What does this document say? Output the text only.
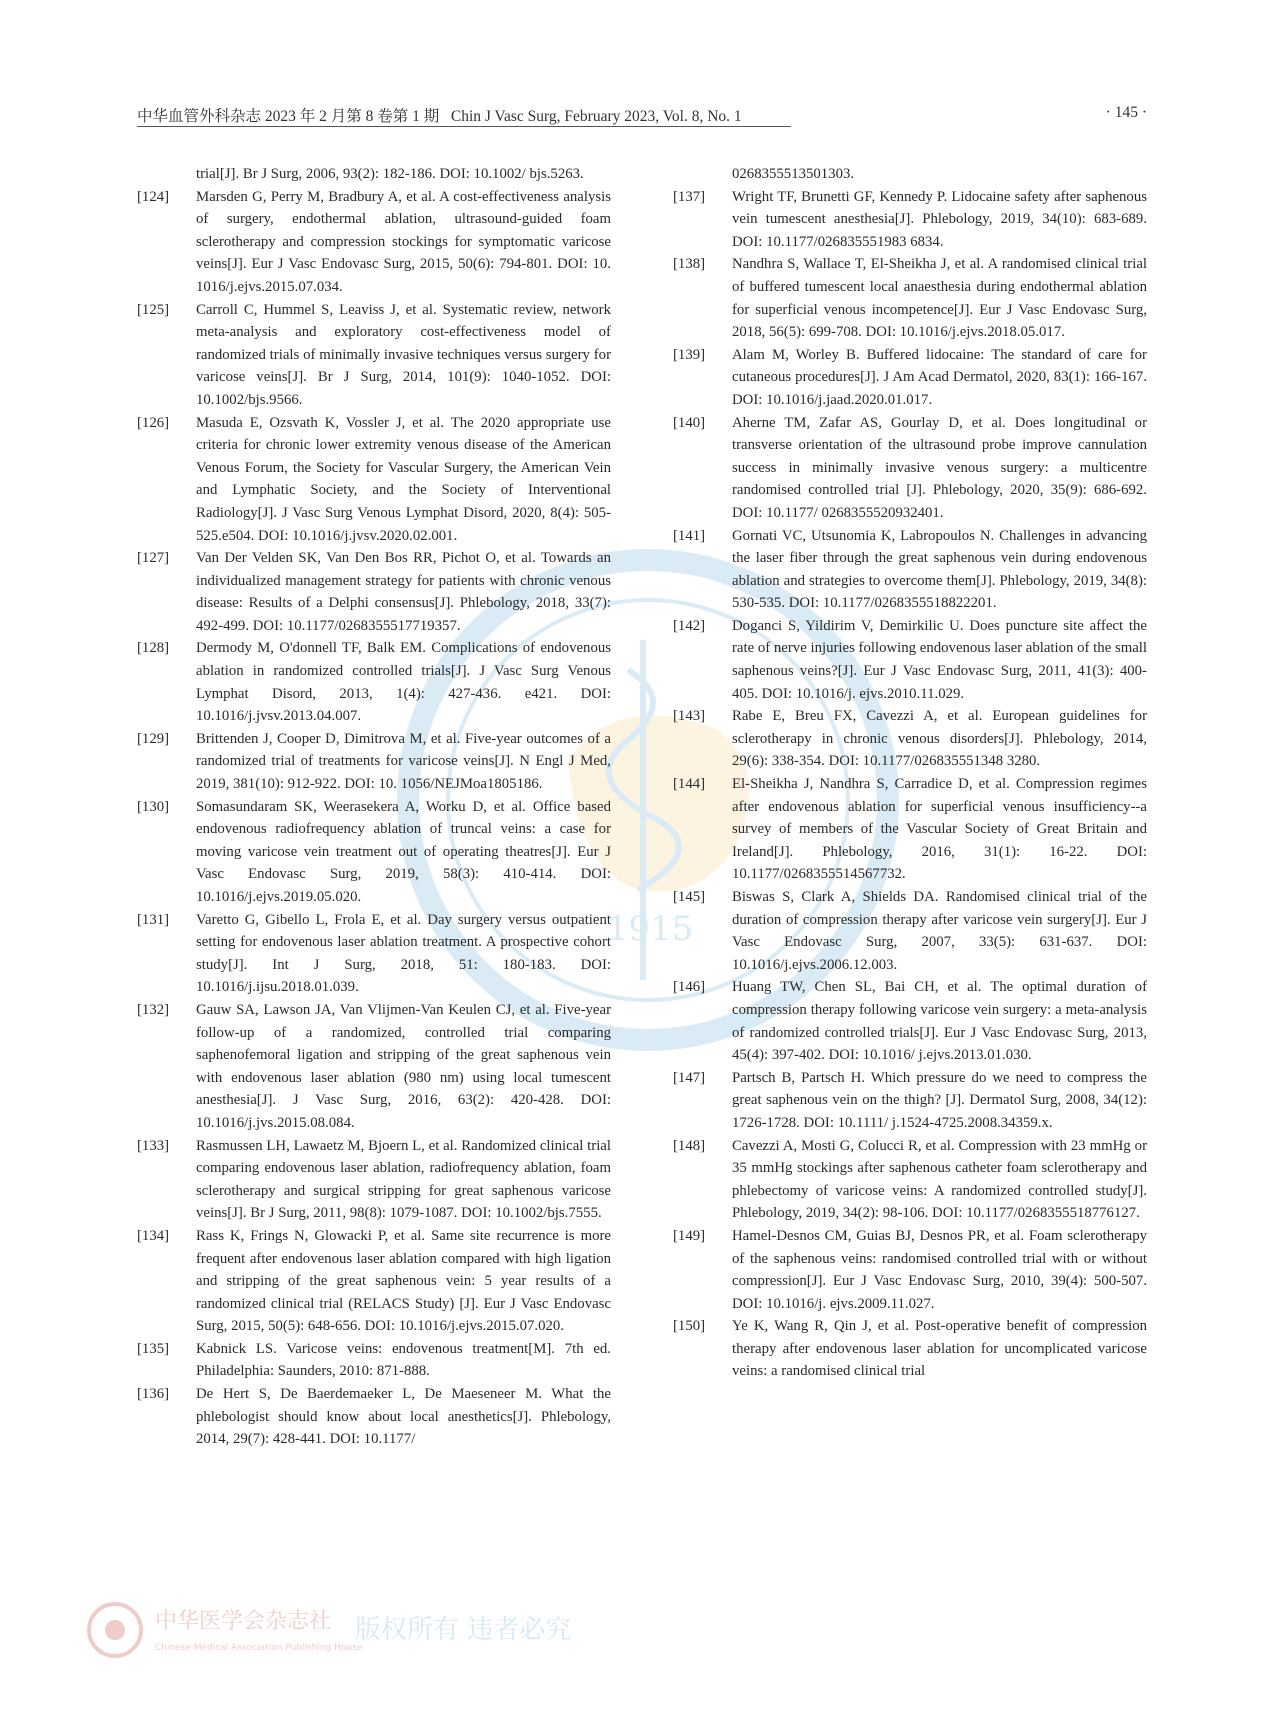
中华血管外科杂志 2023 年 2 月第 8 卷第 1 期 Chin J Vasc Surg, February 2023, Vol. 8, No. 1	· 145 ·
1915
trial[J]. Br J Surg, 2006, 93(2): 182-186. DOI: 10.1002/ bjs.5263.
[124] Marsden G, Perry M, Bradbury A, et al. A cost-effectiveness analysis of surgery, endothermal ablation, ultrasound-guided foam sclerotherapy and compression stockings for symptomatic varicose veins[J]. Eur J Vasc Endovasc Surg, 2015, 50(6): 794-801. DOI: 10. 1016/j.ejvs.2015.07.034.
[125] Carroll C, Hummel S, Leaviss J, et al. Systematic review, network meta-analysis and exploratory cost-effectiveness model of randomized trials of minimally invasive techniques versus surgery for varicose veins[J]. Br J Surg, 2014, 101(9): 1040-1052. DOI: 10.1002/bjs.9566.
[126] Masuda E, Ozsvath K, Vossler J, et al. The 2020 appropriate use criteria for chronic lower extremity venous disease of the American Venous Forum, the Society for Vascular Surgery, the American Vein and Lymphatic Society, and the Society of Interventional Radiology[J]. J Vasc Surg Venous Lymphat Disord, 2020, 8(4): 505-525.e504. DOI: 10.1016/j.jvsv.2020.02.001.
[127] Van Der Velden SK, Van Den Bos RR, Pichot O, et al. Towards an individualized management strategy for patients with chronic venous disease: Results of a Delphi consensus[J]. Phlebology, 2018, 33(7): 492-499. DOI: 10.1177/0268355517719357.
[128] Dermody M, O'donnell TF, Balk EM. Complications of endovenous ablation in randomized controlled trials[J]. J Vasc Surg Venous Lymphat Disord, 2013, 1(4): 427-436. e421. DOI: 10.1016/j.jvsv.2013.04.007.
[129] Brittenden J, Cooper D, Dimitrova M, et al. Five-year outcomes of a randomized trial of treatments for varicose veins[J]. N Engl J Med, 2019, 381(10): 912-922. DOI: 10. 1056/NEJMoa1805186.
[130] Somasundaram SK, Weerasekera A, Worku D, et al. Office based endovenous radiofrequency ablation of truncal veins: a case for moving varicose vein treatment out of operating theatres[J]. Eur J Vasc Endovasc Surg, 2019, 58(3): 410-414. DOI: 10.1016/j.ejvs.2019.05.020.
[131] Varetto G, Gibello L, Frola E, et al. Day surgery versus outpatient setting for endovenous laser ablation treatment. A prospective cohort study[J]. Int J Surg, 2018, 51: 180-183. DOI: 10.1016/j.ijsu.2018.01.039.
[132] Gauw SA, Lawson JA, Van Vlijmen-Van Keulen CJ, et al. Five-year follow-up of a randomized, controlled trial comparing saphenofemoral ligation and stripping of the great saphenous vein with endovenous laser ablation (980 nm) using local tumescent anesthesia[J]. J Vasc Surg, 2016, 63(2): 420-428. DOI: 10.1016/j.jvs.2015.08.084.
[133] Rasmussen LH, Lawaetz M, Bjoern L, et al. Randomized clinical trial comparing endovenous laser ablation, radiofrequency ablation, foam sclerotherapy and surgical stripping for great saphenous varicose veins[J]. Br J Surg, 2011, 98(8): 1079-1087. DOI: 10.1002/bjs.7555.
[134] Rass K, Frings N, Glowacki P, et al. Same site recurrence is more frequent after endovenous laser ablation compared with high ligation and stripping of the great saphenous vein: 5 year results of a randomized clinical trial (RELACS Study) [J]. Eur J Vasc Endovasc Surg, 2015, 50(5): 648-656. DOI: 10.1016/j.ejvs.2015.07.020.
[135] Kabnick LS. Varicose veins: endovenous treatment[M]. 7th ed. Philadelphia: Saunders, 2010: 871-888.
[136] De Hert S, De Baerdemaeker L, De Maeseneer M. What the phlebologist should know about local anesthetics[J]. Phlebology, 2014, 29(7): 428-441. DOI: 10.1177/
0268355513501303.
[137] Wright TF, Brunetti GF, Kennedy P. Lidocaine safety after saphenous vein tumescent anesthesia[J]. Phlebology, 2019, 34(10): 683-689. DOI: 10.1177/026835551983 6834.
[138] Nandhra S, Wallace T, El-Sheikha J, et al. A randomised clinical trial of buffered tumescent local anaesthesia during endothermal ablation for superficial venous incompetence[J]. Eur J Vasc Endovasc Surg, 2018, 56(5): 699-708. DOI: 10.1016/j.ejvs.2018.05.017.
[139] Alam M, Worley B. Buffered lidocaine: The standard of care for cutaneous procedures[J]. J Am Acad Dermatol, 2020, 83(1): 166-167. DOI: 10.1016/j.jaad.2020.01.017.
[140] Aherne TM, Zafar AS, Gourlay D, et al. Does longitudinal or transverse orientation of the ultrasound probe improve cannulation success in minimally invasive venous surgery: a multicentre randomised controlled trial [J]. Phlebology, 2020, 35(9): 686-692. DOI: 10.1177/ 0268355520932401.
[141] Gornati VC, Utsunomia K, Labropoulos N. Challenges in advancing the laser fiber through the great saphenous vein during endovenous ablation and strategies to overcome them[J]. Phlebology, 2019, 34(8): 530-535. DOI: 10.1177/0268355518822201.
[142] Doganci S, Yildirim V, Demirkilic U. Does puncture site affect the rate of nerve injuries following endovenous laser ablation of the small saphenous veins?[J]. Eur J Vasc Endovasc Surg, 2011, 41(3): 400-405. DOI: 10.1016/j. ejvs.2010.11.029.
[143] Rabe E, Breu FX, Cavezzi A, et al. European guidelines for sclerotherapy in chronic venous disorders[J]. Phlebology, 2014, 29(6): 338-354. DOI: 10.1177/026835551348 3280.
[144] El-Sheikha J, Nandhra S, Carradice D, et al. Compression regimes after endovenous ablation for superficial venous insufficiency--a survey of members of the Vascular Society of Great Britain and Ireland[J]. Phlebology, 2016, 31(1): 16-22. DOI: 10.1177/0268355514567732.
[145] Biswas S, Clark A, Shields DA. Randomised clinical trial of the duration of compression therapy after varicose vein surgery[J]. Eur J Vasc Endovasc Surg, 2007, 33(5): 631-637. DOI: 10.1016/j.ejvs.2006.12.003.
[146] Huang TW, Chen SL, Bai CH, et al. The optimal duration of compression therapy following varicose vein surgery: a meta-analysis of randomized controlled trials[J]. Eur J Vasc Endovasc Surg, 2013, 45(4): 397-402. DOI: 10.1016/ j.ejvs.2013.01.030.
[147] Partsch B, Partsch H. Which pressure do we need to compress the great saphenous vein on the thigh? [J]. Dermatol Surg, 2008, 34(12): 1726-1728. DOI: 10.1111/ j.1524-4725.2008.34359.x.
[148] Cavezzi A, Mosti G, Colucci R, et al. Compression with 23 mmHg or 35 mmHg stockings after saphenous catheter foam sclerotherapy and phlebectomy of varicose veins: A randomized controlled study[J]. Phlebology, 2019, 34(2): 98-106. DOI: 10.1177/0268355518776127.
[149] Hamel-Desnos CM, Guias BJ, Desnos PR, et al. Foam sclerotherapy of the saphenous veins: randomised controlled trial with or without compression[J]. Eur J Vasc Endovasc Surg, 2010, 39(4): 500-507. DOI: 10.1016/j. ejvs.2009.11.027.
[150] Ye K, Wang R, Qin J, et al. Post-operative benefit of compression therapy after endovenous laser ablation for uncomplicated varicose veins: a randomised clinical trial
中华医学会杂志社
Chinese Medical Association Publishing House
版权所有 违者必究
